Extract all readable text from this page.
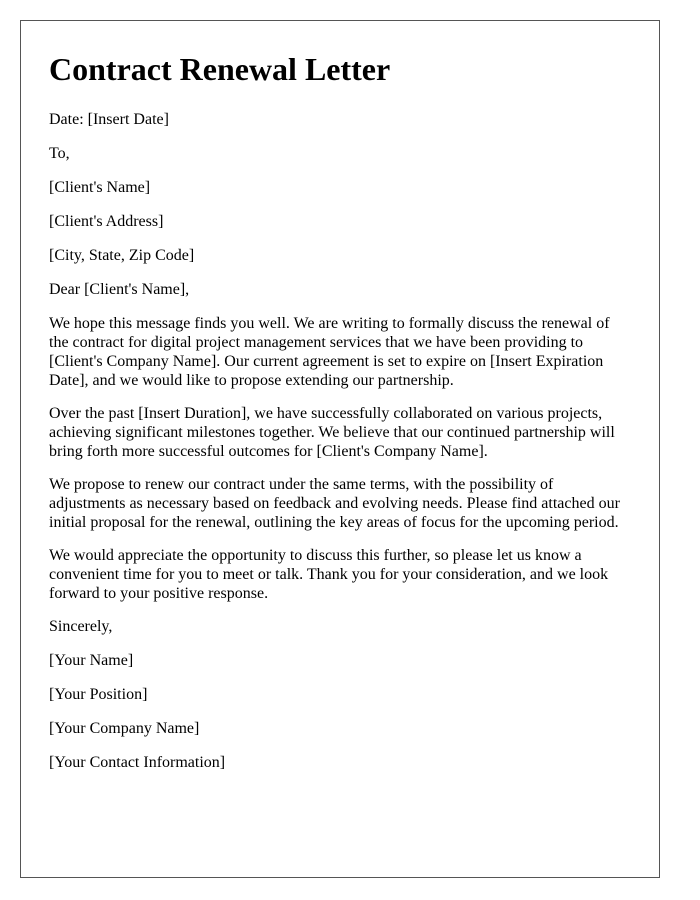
Contract Renewal Letter

Date: [Insert Date]

To,

[Client's Name]

[Client's Address]

[City, State, Zip Code]

Dear [Client's Name],

We hope this message finds you well. We are writing to formally discuss the renewal of the contract for digital project management services that we have been providing to [Client's Company Name]. Our current agreement is set to expire on [Insert Expiration Date], and we would like to propose extending our partnership.

Over the past [Insert Duration], we have successfully collaborated on various projects, achieving significant milestones together. We believe that our continued partnership will bring forth more successful outcomes for [Client's Company Name].

We propose to renew our contract under the same terms, with the possibility of adjustments as necessary based on feedback and evolving needs. Please find attached our initial proposal for the renewal, outlining the key areas of focus for the upcoming period.

We would appreciate the opportunity to discuss this further, so please let us know a convenient time for you to meet or talk. Thank you for your consideration, and we look forward to your positive response.

Sincerely,

[Your Name]

[Your Position]

[Your Company Name]

[Your Contact Information]
